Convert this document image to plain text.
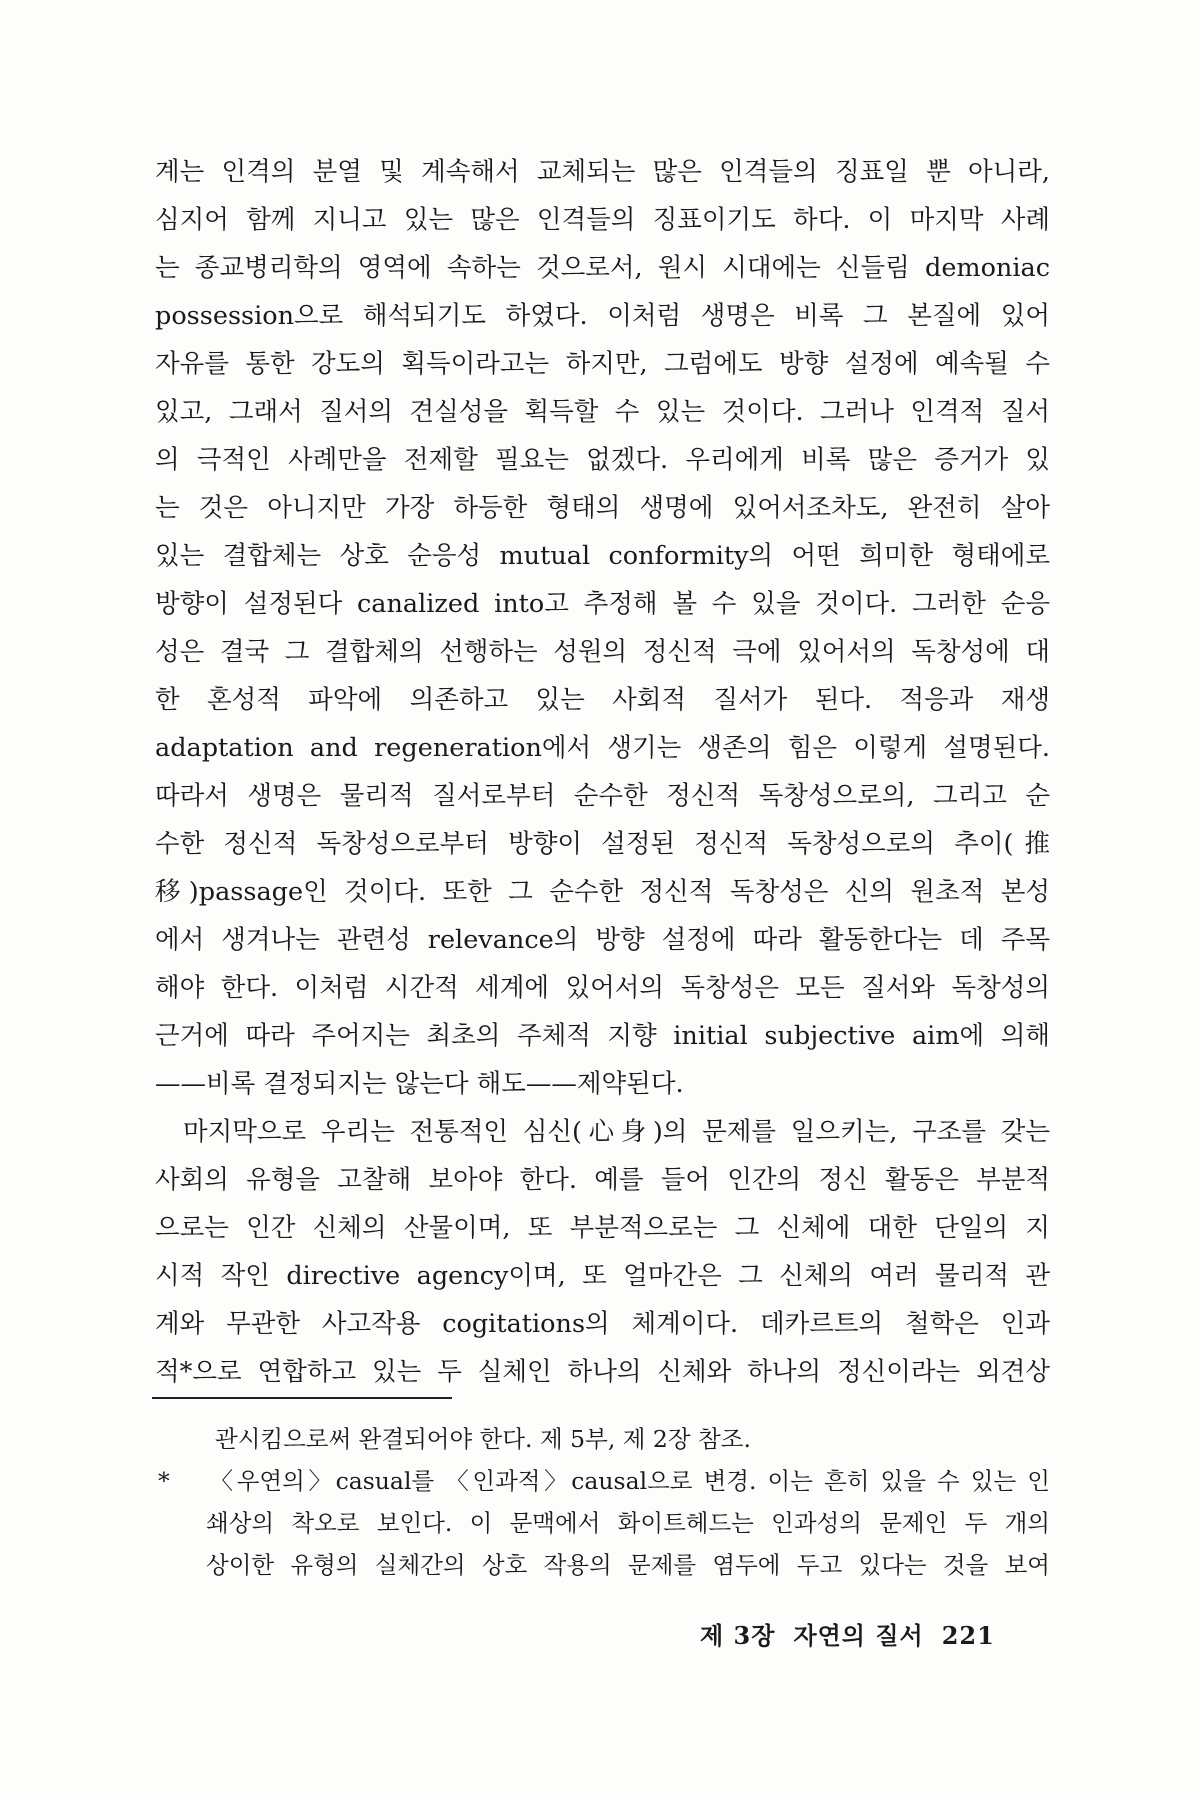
계는 인격의 분열 및 계속해서 교체되는 많은 인격들의 징표일 뿐 아니라,
심지어 함께 지니고 있는 많은 인격들의 징표이기도 하다. 이 마지막 사례
는 종교병리학의 영역에 속하는 것으로서, 원시 시대에는 신들림 demoniac
possession으로 해석되기도 하였다. 이처럼 생명은 비록 그 본질에 있어
자유를 통한 강도의 획득이라고는 하지만, 그럼에도 방향 설정에 예속될 수
있고, 그래서 질서의 견실성을 획득할 수 있는 것이다. 그러나 인격적 질서
의 극적인 사례만을 전제할 필요는 없겠다. 우리에게 비록 많은 증거가 있
는 것은 아니지만 가장 하등한 형태의 생명에 있어서조차도, 완전히 살아
있는 결합체는 상호 순응성 mutual conformity의 어떤 희미한 형태에로
방향이 설정된다 canalized into고 추정해 볼 수 있을 것이다. 그러한 순응
성은 결국 그 결합체의 선행하는 성원의 정신적 극에 있어서의 독창성에 대
한 혼성적 파악에 의존하고 있는 사회적 질서가 된다. 적응과 재생
adaptation and regeneration에서 생기는 생존의 힘은 이렇게 설명된다.
따라서 생명은 물리적 질서로부터 순수한 정신적 독창성으로의, 그리고 순
수한 정신적 독창성으로부터 방향이 설정된 정신적 독창성으로의 추이(推
移)passage인 것이다. 또한 그 순수한 정신적 독창성은 신의 원초적 본성
에서 생겨나는 관련성 relevance의 방향 설정에 따라 활동한다는 데 주목
해야 한다. 이처럼 시간적 세계에 있어서의 독창성은 모든 질서와 독창성의
근거에 따라 주어지는 최초의 주체적 지향 initial subjective aim에 의해
——비록 결정되지는 않는다 해도——제약된다.
마지막으로 우리는 전통적인 심신(心身)의 문제를 일으키는, 구조를 갖는
사회의 유형을 고찰해 보아야 한다. 예를 들어 인간의 정신 활동은 부분적
으로는 인간 신체의 산물이며, 또 부분적으로는 그 신체에 대한 단일의 지
시적 작인 directive agency이며, 또 얼마간은 그 신체의 여러 물리적 관
계와 무관한 사고작용 cogitations의 체계이다. 데카르트의 철학은 인과
적*으로 연합하고 있는 두 실체인 하나의 신체와 하나의 정신이라는 외견상
관시킴으로써 완결되어야 한다. 제 5부, 제 2장 참조.
* 〈우연의〉casual를 〈인과적〉causal으로 변경. 이는 흔히 있을 수 있는 인
쇄상의 착오로 보인다. 이 문맥에서 화이트헤드는 인과성의 문제인 두 개의
상이한 유형의 실체간의 상호 작용의 문제를 염두에 두고 있다는 것을 보여
제 3장 자연의 질서 221
